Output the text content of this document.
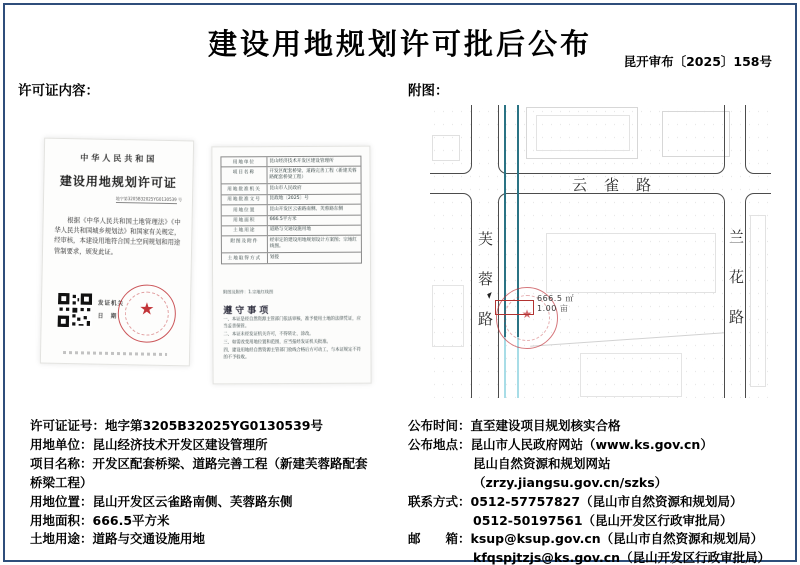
建设用地规划许可批后公布
昆开审布〔2025〕158号
许可证内容：	附图：
中华人民共和国
建设用地规划许可证
地字第3205B32025YG0130539 号
根据《中华人民共和国土地管理法》《中华人民共和国城乡规划法》和国家有关规定，经审核，本建设用地符合国土空间规划和用途管制要求，颁发此证。
发证机关
日　期	★
用地单位	昆山经济技术开发区建设管理所
项目名称	开发区配套桥梁、道路完善工程（新建芙蓉路配套桥梁工程）
用地批准机关	昆山市人民政府
用地批准文号	昆政地〔2025〕号
用地位置	昆山开发区云雀路南侧、芙蓉路东侧
用地面积	666.5平方米
土地用途	道路与交通设施用地
附图及附件	经审定的建设用地规划设计方案图；宗地红线图。
土地取得方式	划拨
附图及附件：1.宗地红线图
遵守事项
一、本证是经自然资源主管部门依法审核，准予使用土地的法律凭证，应当妥善保管。
二、本证未经发证机关许可，不得转让、涂改。
三、如需改变用地位置和范围，应当报经发证机关批准。
四、建设用地经自然资源主管部门验线合格后方可动工，与本证规定不符的不予验收。
云雀路
芙蓉路	兰花路
★
666.5 ㎡
1.00 亩
许可证证号：地字第3205B32025YG0130539号
用地单位：昆山经济技术开发区建设管理所
项目名称：开发区配套桥梁、道路完善工程（新建芙蓉路配套
桥梁工程）
用地位置：昆山开发区云雀路南侧、芙蓉路东侧
用地面积：666.5平方米
土地用途：道路与交通设施用地
公布时间：直至建设项目规划核实合格
公布地点：昆山市人民政府网站（www.ks.gov.cn）
昆山自然资源和规划网站（zrzy.jiangsu.gov.cn/szks）
联系方式：0512-57757827（昆山市自然资源和规划局）
0512-50197561（昆山开发区行政审批局）
邮　　箱：ksup@ksup.gov.cn（昆山市自然资源和规划局）
kfqspjtzjs@ks.gov.cn（昆山开发区行政审批局）
